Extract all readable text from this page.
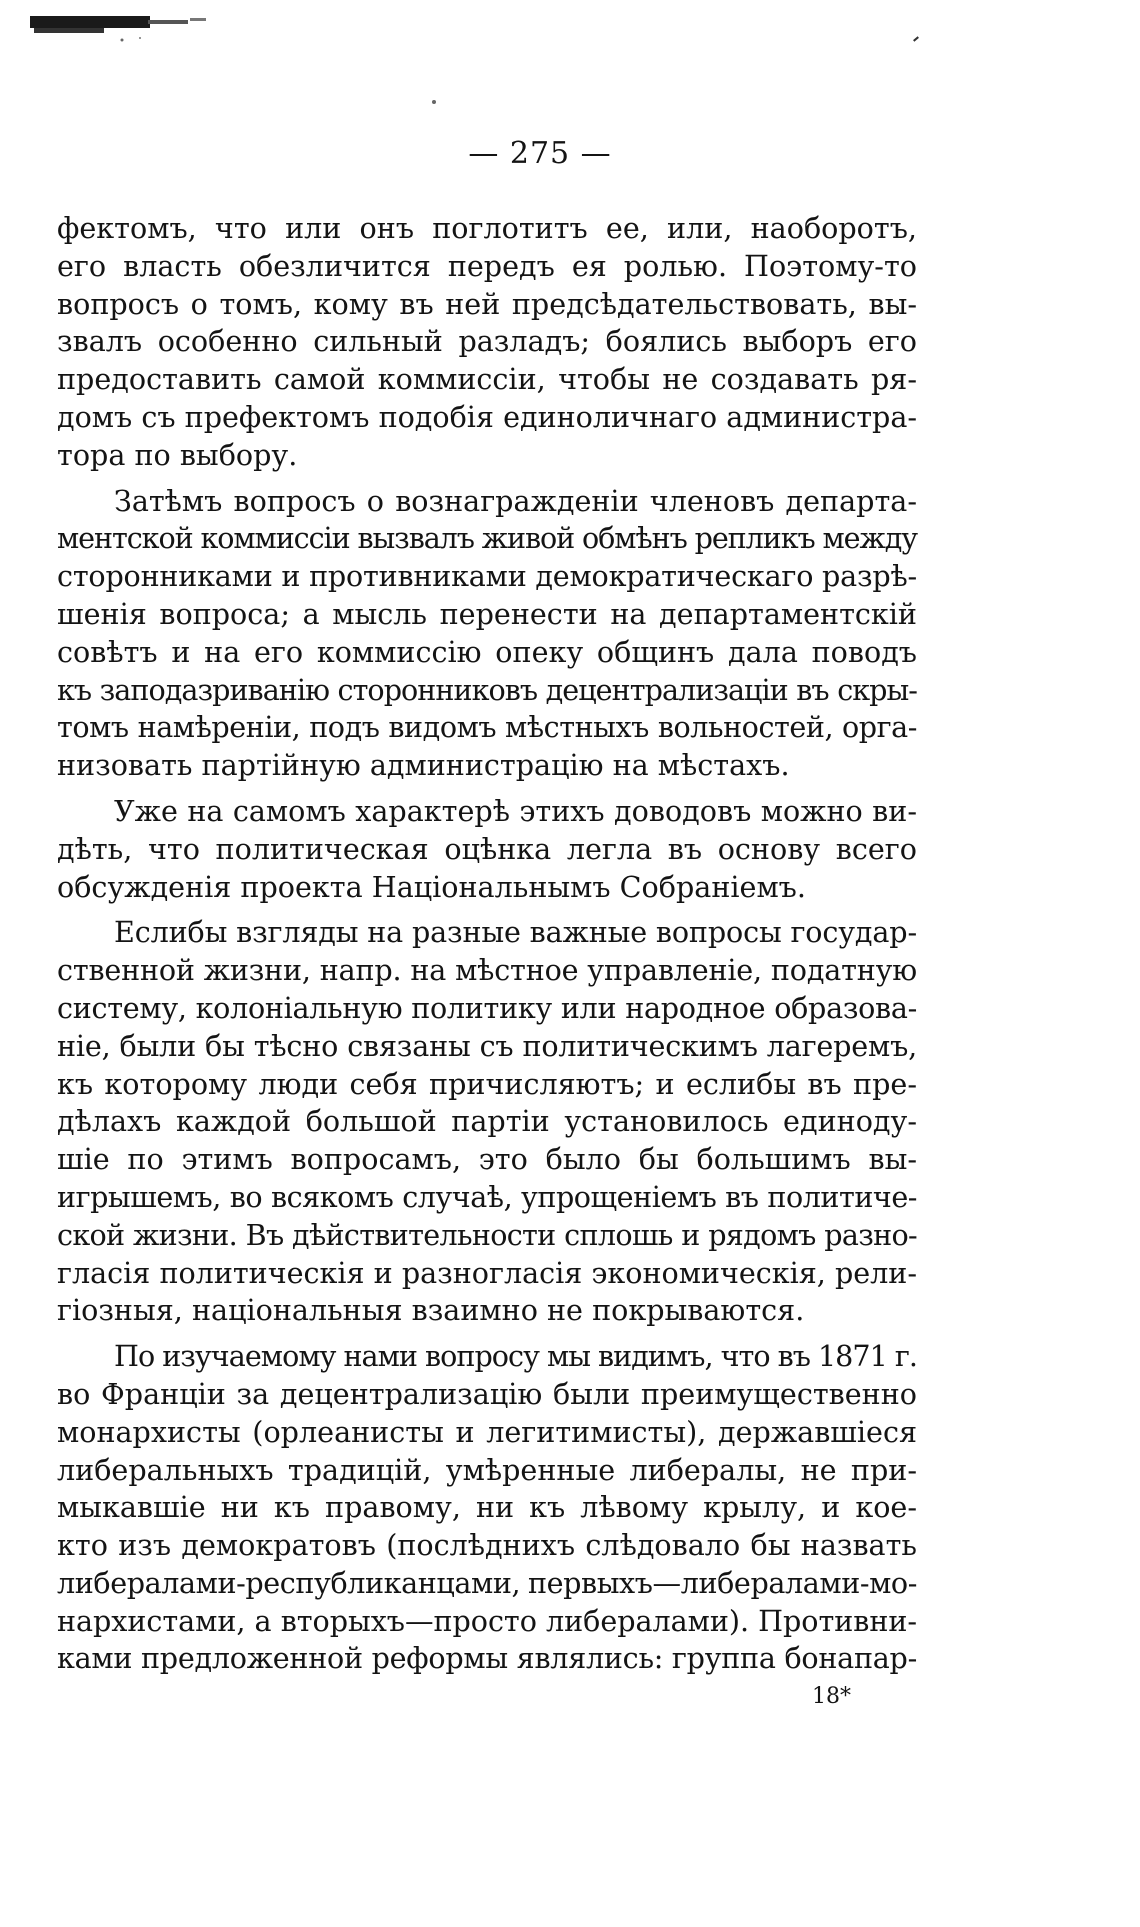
— 275 —

фектомъ, что или онъ поглотитъ ее, или, наоборотъ,
его власть обезличится передъ ея ролью. Поэтому-то
вопросъ о томъ, кому въ ней предсѣдательствовать, вы-
звалъ особенно сильный разладъ; боялись выборъ его
предоставить самой коммиссіи, чтобы не создавать ря-
домъ съ префектомъ подобія единоличнаго администра-
тора по выбору.

Затѣмъ вопросъ о вознагражденіи членовъ департа-
ментской коммиссіи вызвалъ живой обмѣнъ репликъ между
сторонниками и противниками демократическаго разрѣ-
шенія вопроса; а мысль перенести на департаментскій
совѣтъ и на его коммиссію опеку общинъ дала поводъ
къ заподазриванію сторонниковъ децентрализаціи въ скры-
томъ намѣреніи, подъ видомъ мѣстныхъ вольностей, орга-
низовать партійную администрацію на мѣстахъ.

Уже на самомъ характерѣ этихъ доводовъ можно ви-
дѣть, что политическая оцѣнка легла въ основу всего
обсужденія проекта Національнымъ Собраніемъ.

Еслибы взгляды на разные важные вопросы государ-
ственной жизни, напр. на мѣстное управленіе, податную
систему, колоніальную политику или народное образова-
ніе, были бы тѣсно связаны съ политическимъ лагеремъ,
къ которому люди себя причисляютъ; и еслибы въ пре-
дѣлахъ каждой большой партіи установилось единоду-
шіе по этимъ вопросамъ, это было бы большимъ вы-
игрышемъ, во всякомъ случаѣ, упрощеніемъ въ политиче-
ской жизни. Въ дѣйствительности сплошь и рядомъ разно-
гласія политическія и разногласія экономическія, рели-
гіозныя, національныя взаимно не покрываются.

По изучаемому нами вопросу мы видимъ, что въ 1871 г.
во Франціи за децентрализацію были преимущественно
монархисты (орлеанисты и легитимисты), державшіеся
либеральныхъ традицій, умѣренные либералы, не при-
мыкавшіе ни къ правому, ни къ лѣвому крылу, и кое-
кто изъ демократовъ (послѣднихъ слѣдовало бы назвать
либералами-республиканцами, первыхъ—либералами-мо-
нархистами, а вторыхъ—просто либералами). Противни-
ками предложенной реформы являлись: группа бонапар-

18*
